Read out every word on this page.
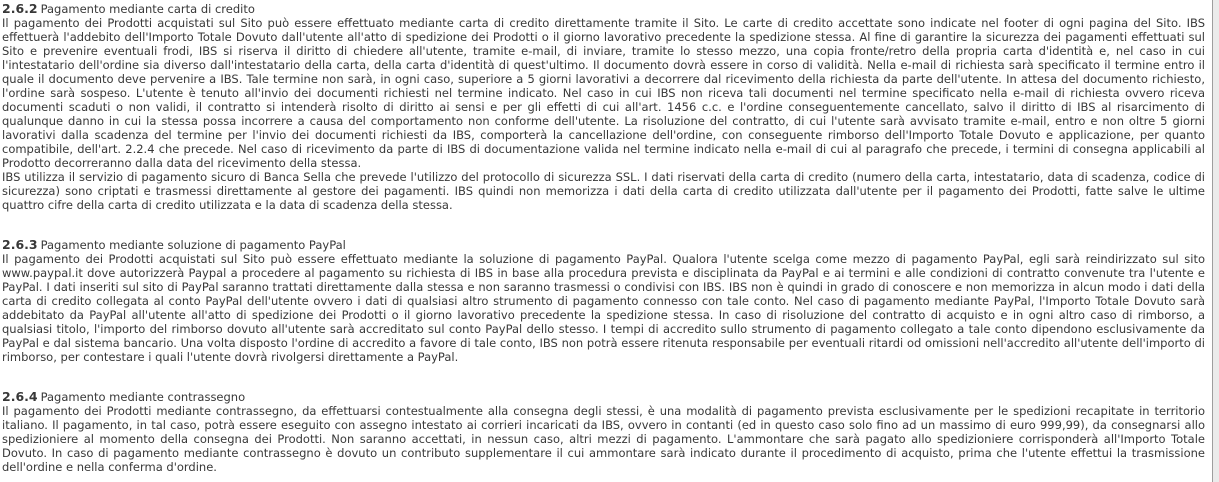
2.6.2 Pagamento mediante carta di credito

Il pagamento dei Prodotti acquistati sul Sito può essere effettuato mediante carta di credito direttamente tramite il Sito. Le carte di credito accettate sono indicate nel footer di ogni pagina del Sito. IBS effettuerà l'addebito dell'Importo Totale Dovuto dall'utente all'atto di spedizione dei Prodotti o il giorno lavorativo precedente la spedizione stessa. Al fine di garantire la sicurezza dei pagamenti effettuati sul Sito e prevenire eventuali frodi, IBS si riserva il diritto di chiedere all'utente, tramite e-mail, di inviare, tramite lo stesso mezzo, una copia fronte/retro della propria carta d'identità e, nel caso in cui l'intestatario dell'ordine sia diverso dall'intestatario della carta, della carta d'identità di quest'ultimo. Il documento dovrà essere in corso di validità. Nella e-mail di richiesta sarà specificato il termine entro il quale il documento deve pervenire a IBS. Tale termine non sarà, in ogni caso, superiore a 5 giorni lavorativi a decorrere dal ricevimento della richiesta da parte dell'utente. In attesa del documento richiesto, l'ordine sarà sospeso. L'utente è tenuto all'invio dei documenti richiesti nel termine indicato. Nel caso in cui IBS non riceva tali documenti nel termine specificato nella e-mail di richiesta ovvero riceva documenti scaduti o non validi, il contratto si intenderà risolto di diritto ai sensi e per gli effetti di cui all'art. 1456 c.c. e l'ordine conseguentemente cancellato, salvo il diritto di IBS al risarcimento di qualunque danno in cui la stessa possa incorrere a causa del comportamento non conforme dell'utente. La risoluzione del contratto, di cui l'utente sarà avvisato tramite e-mail, entro e non oltre 5 giorni lavorativi dalla scadenza del termine per l'invio dei documenti richiesti da IBS, comporterà la cancellazione dell'ordine, con conseguente rimborso dell'Importo Totale Dovuto e applicazione, per quanto compatibile, dell'art. 2.2.4 che precede. Nel caso di ricevimento da parte di IBS di documentazione valida nel termine indicato nella e-mail di cui al paragrafo che precede, i termini di consegna applicabili al Prodotto decorreranno dalla data del ricevimento della stessa.

IBS utilizza il servizio di pagamento sicuro di Banca Sella che prevede l'utilizzo del protocollo di sicurezza SSL. I dati riservati della carta di credito (numero della carta, intestatario, data di scadenza, codice di sicurezza) sono criptati e trasmessi direttamente al gestore dei pagamenti. IBS quindi non memorizza i dati della carta di credito utilizzata dall'utente per il pagamento dei Prodotti, fatte salve le ultime quattro cifre della carta di credito utilizzata e la data di scadenza della stessa.

2.6.3 Pagamento mediante soluzione di pagamento PayPal

Il pagamento dei Prodotti acquistati sul Sito può essere effettuato mediante la soluzione di pagamento PayPal. Qualora l'utente scelga come mezzo di pagamento PayPal, egli sarà reindirizzato sul sito www.paypal.it dove autorizzerà Paypal a procedere al pagamento su richiesta di IBS in base alla procedura prevista e disciplinata da PayPal e ai termini e alle condizioni di contratto convenute tra l'utente e PayPal. I dati inseriti sul sito di PayPal saranno trattati direttamente dalla stessa e non saranno trasmessi o condivisi con IBS. IBS non è quindi in grado di conoscere e non memorizza in alcun modo i dati della carta di credito collegata al conto PayPal dell'utente ovvero i dati di qualsiasi altro strumento di pagamento connesso con tale conto. Nel caso di pagamento mediante PayPal, l'Importo Totale Dovuto sarà addebitato da PayPal all'utente all'atto di spedizione dei Prodotti o il giorno lavorativo precedente la spedizione stessa. In caso di risoluzione del contratto di acquisto e in ogni altro caso di rimborso, a qualsiasi titolo, l'importo del rimborso dovuto all'utente sarà accreditato sul conto PayPal dello stesso. I tempi di accredito sullo strumento di pagamento collegato a tale conto dipendono esclusivamente da PayPal e dal sistema bancario. Una volta disposto l'ordine di accredito a favore di tale conto, IBS non potrà essere ritenuta responsabile per eventuali ritardi od omissioni nell'accredito all'utente dell'importo di rimborso, per contestare i quali l'utente dovrà rivolgersi direttamente a PayPal.

2.6.4 Pagamento mediante contrassegno

Il pagamento dei Prodotti mediante contrassegno, da effettuarsi contestualmente alla consegna degli stessi, è una modalità di pagamento prevista esclusivamente per le spedizioni recapitate in territorio italiano. Il pagamento, in tal caso, potrà essere eseguito con assegno intestato ai corrieri incaricati da IBS, ovvero in contanti (ed in questo caso solo fino ad un massimo di euro 999,99), da consegnarsi allo spedizioniere al momento della consegna dei Prodotti. Non saranno accettati, in nessun caso, altri mezzi di pagamento. L'ammontare che sarà pagato allo spedizioniere corrisponderà all'Importo Totale Dovuto. In caso di pagamento mediante contrassegno è dovuto un contributo supplementare il cui ammontare sarà indicato durante il procedimento di acquisto, prima che l'utente effettui la trasmissione dell'ordine e nella conferma d'ordine.
